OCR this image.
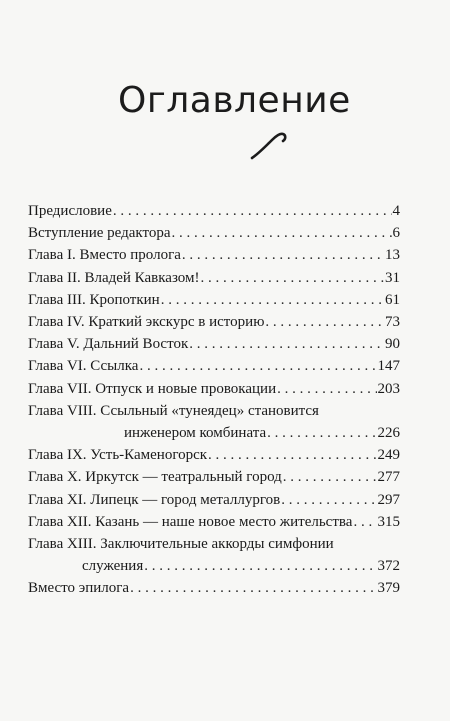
Оглавление
Предисловие . . .	4
Вступление редактора . . .	6
Глава I. Вместо пролога . . .	13
Глава II. Владей Кавказом! . . .	31
Глава III. Кропоткин . . .	61
Глава IV. Краткий экскурс в историю . . .	73
Глава V. Дальний Восток . . .	90
Глава VI. Ссылка . . .	147
Глава VII. Отпуск и новые провокации . . .	203
Глава VIII. Ссыльный «тунеядец» становится
инженером комбината . . .	226
Глава IX. Усть-Каменогорск . . .	249
Глава X. Иркутск — театральный город . . .	277
Глава XI. Липецк — город металлургов . . .	297
Глава XII. Казань — наше новое место жительства . . . 315
Глава XIII. Заключительные аккорды симфонии
служения . . .	372
Вместо эпилога . . .	379
